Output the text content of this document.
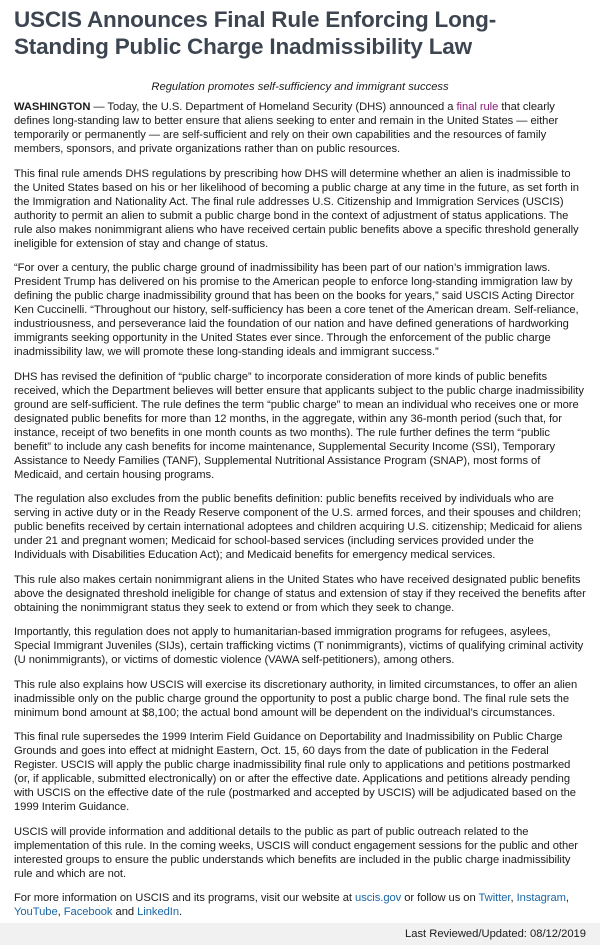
USCIS Announces Final Rule Enforcing Long-Standing Public Charge Inadmissibility Law
Regulation promotes self-sufficiency and immigrant success

WASHINGTON — Today, the U.S. Department of Homeland Security (DHS) announced a final rule that clearly defines long-standing law to better ensure that aliens seeking to enter and remain in the United States — either temporarily or permanently — are self-sufficient and rely on their own capabilities and the resources of family members, sponsors, and private organizations rather than on public resources.

This final rule amends DHS regulations by prescribing how DHS will determine whether an alien is inadmissible to the United States based on his or her likelihood of becoming a public charge at any time in the future, as set forth in the Immigration and Nationality Act. The final rule addresses U.S. Citizenship and Immigration Services (USCIS) authority to permit an alien to submit a public charge bond in the context of adjustment of status applications. The rule also makes nonimmigrant aliens who have received certain public benefits above a specific threshold generally ineligible for extension of stay and change of status.

“For over a century, the public charge ground of inadmissibility has been part of our nation’s immigration laws. President Trump has delivered on his promise to the American people to enforce long-standing immigration law by defining the public charge inadmissibility ground that has been on the books for years,” said USCIS Acting Director Ken Cuccinelli. “Throughout our history, self-sufficiency has been a core tenet of the American dream. Self-reliance, industriousness, and perseverance laid the foundation of our nation and have defined generations of hardworking immigrants seeking opportunity in the United States ever since. Through the enforcement of the public charge inadmissibility law, we will promote these long-standing ideals and immigrant success.”

DHS has revised the definition of “public charge” to incorporate consideration of more kinds of public benefits received, which the Department believes will better ensure that applicants subject to the public charge inadmissibility ground are self-sufficient. The rule defines the term “public charge” to mean an individual who receives one or more designated public benefits for more than 12 months, in the aggregate, within any 36-month period (such that, for instance, receipt of two benefits in one month counts as two months). The rule further defines the term “public benefit” to include any cash benefits for income maintenance, Supplemental Security Income (SSI), Temporary Assistance to Needy Families (TANF), Supplemental Nutritional Assistance Program (SNAP), most forms of Medicaid, and certain housing programs.

The regulation also excludes from the public benefits definition: public benefits received by individuals who are serving in active duty or in the Ready Reserve component of the U.S. armed forces, and their spouses and children; public benefits received by certain international adoptees and children acquiring U.S. citizenship; Medicaid for aliens under 21 and pregnant women; Medicaid for school-based services (including services provided under the Individuals with Disabilities Education Act); and Medicaid benefits for emergency medical services.

This rule also makes certain nonimmigrant aliens in the United States who have received designated public benefits above the designated threshold ineligible for change of status and extension of stay if they received the benefits after obtaining the nonimmigrant status they seek to extend or from which they seek to change.

Importantly, this regulation does not apply to humanitarian-based immigration programs for refugees, asylees, Special Immigrant Juveniles (SIJs), certain trafficking victims (T nonimmigrants), victims of qualifying criminal activity (U nonimmigrants), or victims of domestic violence (VAWA self-petitioners), among others.

This rule also explains how USCIS will exercise its discretionary authority, in limited circumstances, to offer an alien inadmissible only on the public charge ground the opportunity to post a public charge bond. The final rule sets the minimum bond amount at $8,100; the actual bond amount will be dependent on the individual’s circumstances.

This final rule supersedes the 1999 Interim Field Guidance on Deportability and Inadmissibility on Public Charge Grounds and goes into effect at midnight Eastern, Oct. 15, 60 days from the date of publication in the Federal Register. USCIS will apply the public charge inadmissibility final rule only to applications and petitions postmarked (or, if applicable, submitted electronically) on or after the effective date. Applications and petitions already pending with USCIS on the effective date of the rule (postmarked and accepted by USCIS) will be adjudicated based on the 1999 Interim Guidance.

USCIS will provide information and additional details to the public as part of public outreach related to the implementation of this rule. In the coming weeks, USCIS will conduct engagement sessions for the public and other interested groups to ensure the public understands which benefits are included in the public charge inadmissibility rule and which are not.

For more information on USCIS and its programs, visit our website at uscis.gov or follow us on Twitter, Instagram, YouTube, Facebook and LinkedIn.

Last Reviewed/Updated: 08/12/2019
